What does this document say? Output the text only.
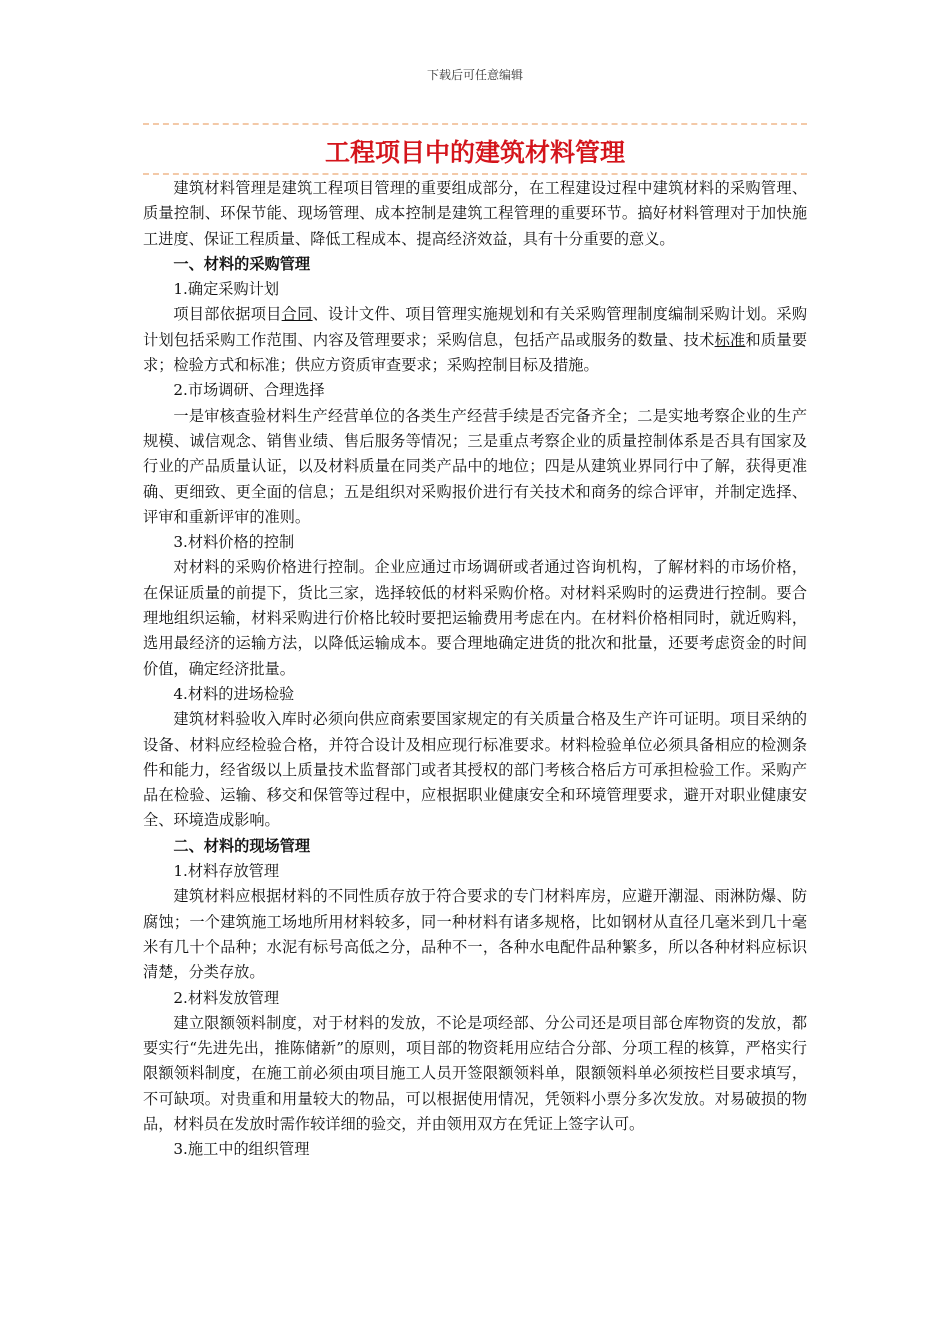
下载后可任意编辑
工程项目中的建筑材料管理

建筑材料管理是建筑工程项目管理的重要组成部分，在工程建设过程中建筑材料的采购管理、质量控制、环保节能、现场管理、成本控制是建筑工程管理的重要环节。搞好材料管理对于加快施工进度、保证工程质量、降低工程成本、提高经济效益，具有十分重要的意义。

一、材料的采购管理

1.确定采购计划

项目部依据项目合同、设计文件、项目管理实施规划和有关采购管理制度编制采购计划。采购计划包括采购工作范围、内容及管理要求；采购信息，包括产品或服务的数量、技术标准和质量要求；检验方式和标准；供应方资质审查要求；采购控制目标及措施。

2.市场调研、合理选择

一是审核查验材料生产经营单位的各类生产经营手续是否完备齐全；二是实地考察企业的生产规模、诚信观念、销售业绩、售后服务等情况；三是重点考察企业的质量控制体系是否具有国家及行业的产品质量认证，以及材料质量在同类产品中的地位；四是从建筑业界同行中了解，获得更准确、更细致、更全面的信息；五是组织对采购报价进行有关技术和商务的综合评审，并制定选择、评审和重新评审的准则。

3.材料价格的控制

对材料的采购价格进行控制。企业应通过市场调研或者通过咨询机构，了解材料的市场价格，在保证质量的前提下，货比三家，选择较低的材料采购价格。对材料采购时的运费进行控制。要合理地组织运输，材料采购进行价格比较时要把运输费用考虑在内。在材料价格相同时，就近购料，选用最经济的运输方法，以降低运输成本。要合理地确定进货的批次和批量，还要考虑资金的时间价值，确定经济批量。

4.材料的进场检验

建筑材料验收入库时必须向供应商索要国家规定的有关质量合格及生产许可证明。项目采纳的设备、材料应经检验合格，并符合设计及相应现行标准要求。材料检验单位必须具备相应的检测条件和能力，经省级以上质量技术监督部门或者其授权的部门考核合格后方可承担检验工作。采购产品在检验、运输、移交和保管等过程中，应根据职业健康安全和环境管理要求，避开对职业健康安全、环境造成影响。

二、材料的现场管理

1.材料存放管理

建筑材料应根据材料的不同性质存放于符合要求的专门材料库房，应避开潮湿、雨淋防爆、防腐蚀；一个建筑施工场地所用材料较多，同一种材料有诸多规格，比如钢材从直径几毫米到几十毫米有几十个品种；水泥有标号高低之分，品种不一，各种水电配件品种繁多，所以各种材料应标识清楚，分类存放。

2.材料发放管理

建立限额领料制度，对于材料的发放，不论是项经部、分公司还是项目部仓库物资的发放，都要实行“先进先出，推陈储新”的原则，项目部的物资耗用应结合分部、分项工程的核算，严格实行限额领料制度，在施工前必须由项目施工人员开签限额领料单，限额领料单必须按栏目要求填写，不可缺项。对贵重和用量较大的物品，可以根据使用情况，凭领料小票分多次发放。对易破损的物品，材料员在发放时需作较详细的验交，并由领用双方在凭证上签字认可。

3.施工中的组织管理
